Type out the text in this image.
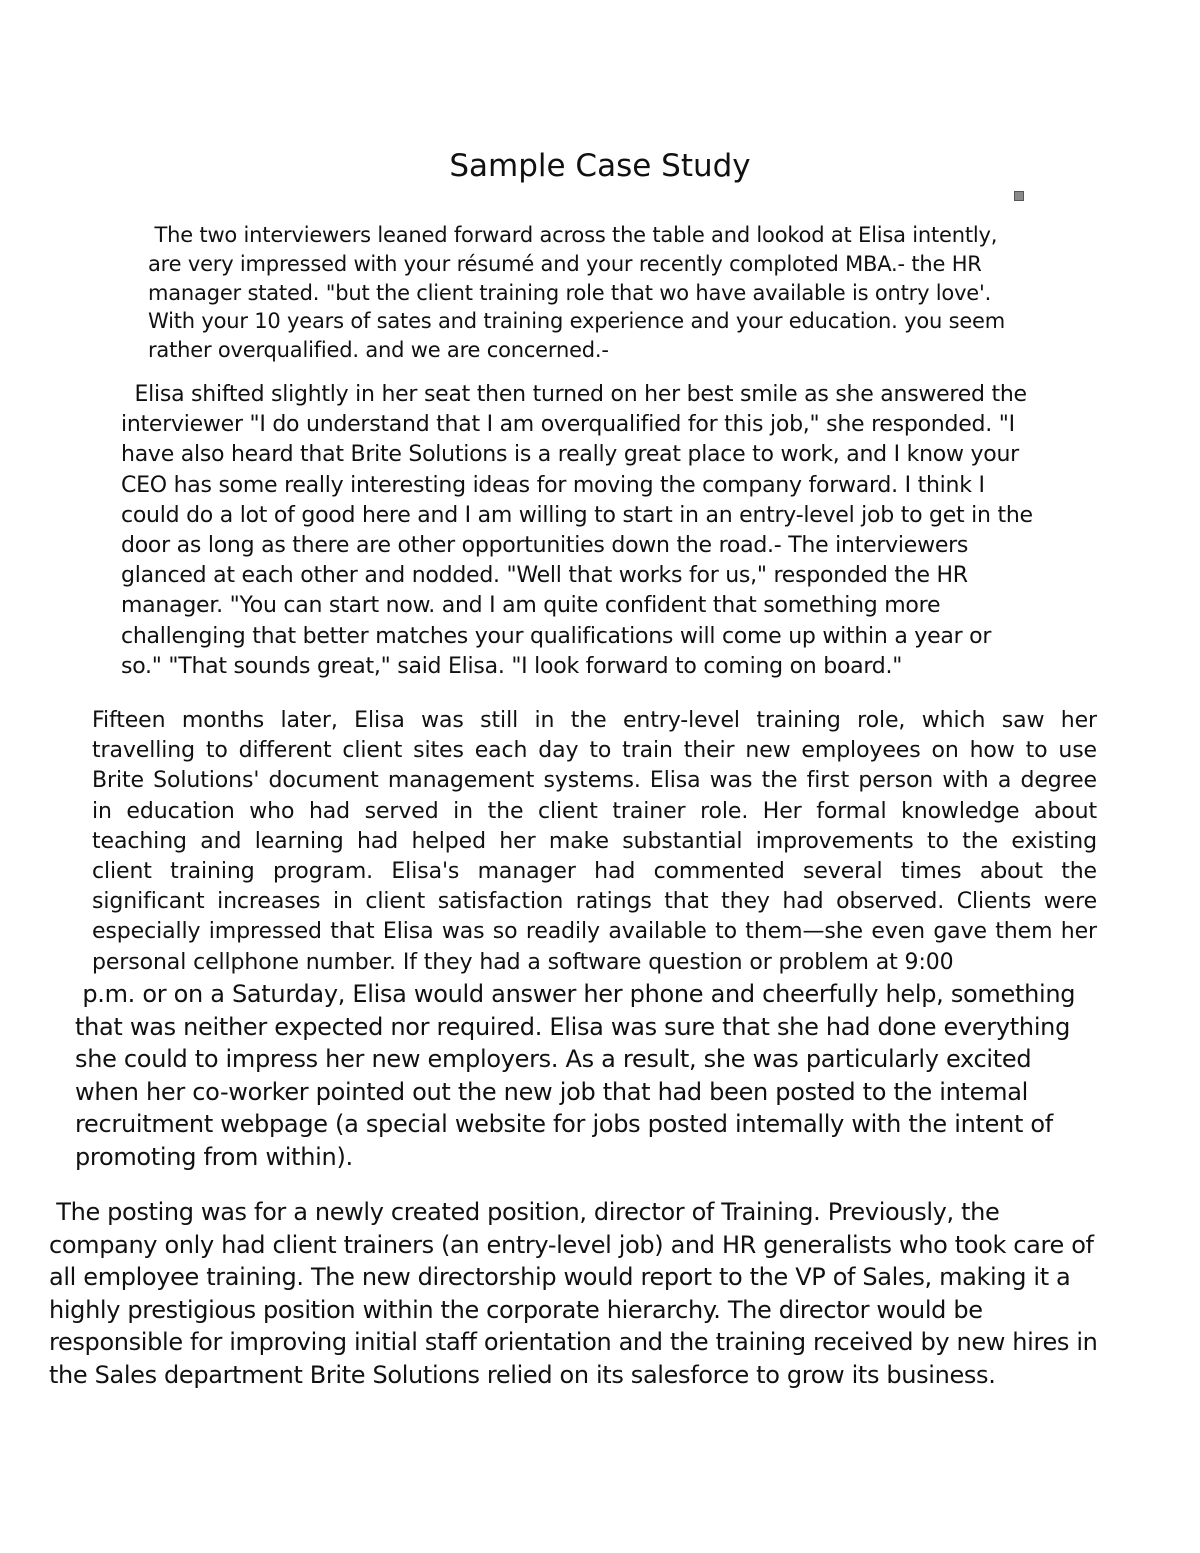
Sample Case Study
The two interviewers leaned forward across the table and lookod at Elisa intently,
are very impressed with your résumé and your recently comploted MBA.- the HR
manager stated. "but the client training role that wo have available is ontry love'.
With your 10 years of sates and training experience and your education. you seem
rather overqualified. and we are concerned.-
Elisa shifted slightly in her seat then turned on her best smile as she answered the
interviewer "I do understand that I am overqualified for this job," she responded. "I
have also heard that Brite Solutions is a really great place to work, and I know your
CEO has some really interesting ideas for moving the company forward. I think I
could do a lot of good here and I am willing to start in an entry-level job to get in the
door as long as there are other opportunities down the road.- The interviewers
glanced at each other and nodded. "Well that works for us," responded the HR
manager. "You can start now. and I am quite confident that something more
challenging that better matches your qualifications will come up within a year or
so." "That sounds great," said Elisa. "I look forward to coming on board."
Fifteen months later, Elisa was still in the entry-level training role, which saw her
travelling to different client sites each day to train their new employees on how to use
Brite Solutions' document management systems. Elisa was the first person with a degree
in education who had served in the client trainer role. Her formal knowledge about
teaching and learning had helped her make substantial improvements to the existing
client training program. Elisa's manager had commented several times about the
significant increases in client satisfaction ratings that they had observed. Clients were
especially impressed that Elisa was so readily available to them—she even gave them her
personal cellphone number. If they had a software question or problem at 9:00
p.m. or on a Saturday, Elisa would answer her phone and cheerfully help, something
that was neither expected nor required. Elisa was sure that she had done everything
she could to impress her new employers. As a result, she was particularly excited
when her co-worker pointed out the new job that had been posted to the intemal
recruitment webpage (a special website for jobs posted intemally with the intent of
promoting from within).
The posting was for a newly created position, director of Training. Previously, the
company only had client trainers (an entry-level job) and HR generalists who took care of
all employee training. The new directorship would report to the VP of Sales, making it a
highly prestigious position within the corporate hierarchy. The director would be
responsible for improving initial staff orientation and the training received by new hires in
the Sales department Brite Solutions relied on its salesforce to grow its business.
